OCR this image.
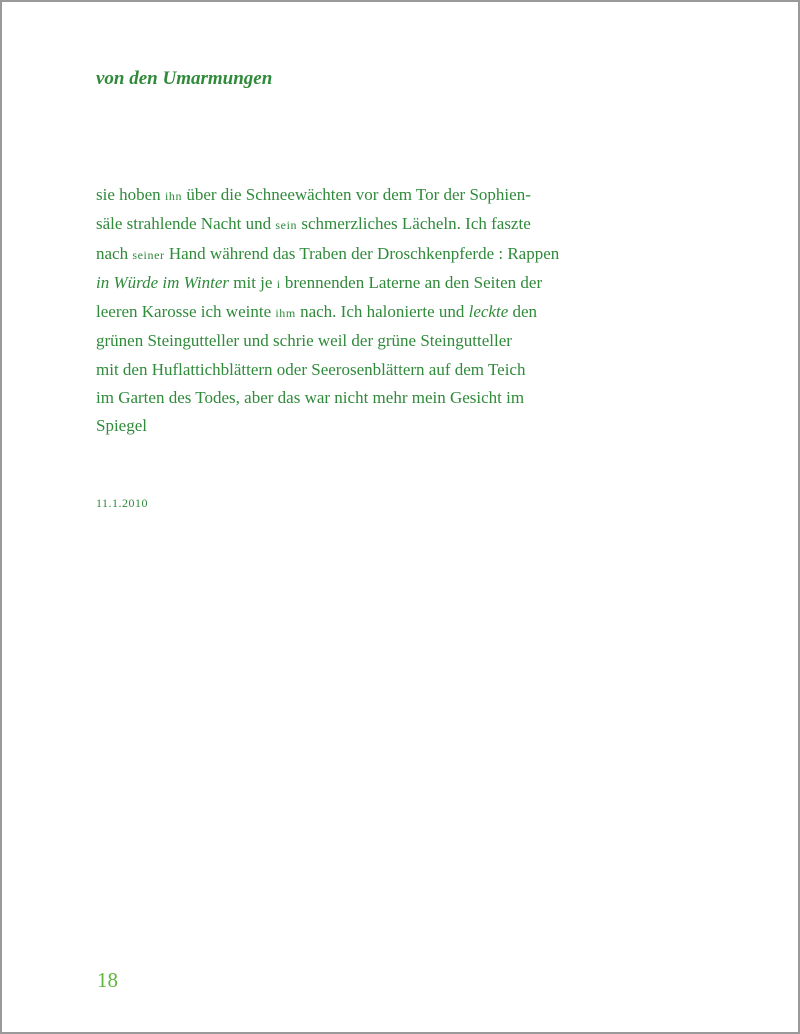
von den Umarmungen
sie hoben ihn über die Schneewächten vor dem Tor der Sophien-
säle strahlende Nacht und sein schmerzliches Lächeln. Ich faszte
nach seiner Hand während das Traben der Droschkenpferde : Rappen
in Würde im Winter mit je i brennenden Laterne an den Seiten der
leeren Karosse ich weinte ihm nach. Ich halonierte und leckte den
grünen Steingutteller und schrie weil der grüne Steingutteller
mit den Huflattichblättern oder Seerosenblättern auf dem Teich
im Garten des Todes, aber das war nicht mehr mein Gesicht im
Spiegel
11.1.2010
18
